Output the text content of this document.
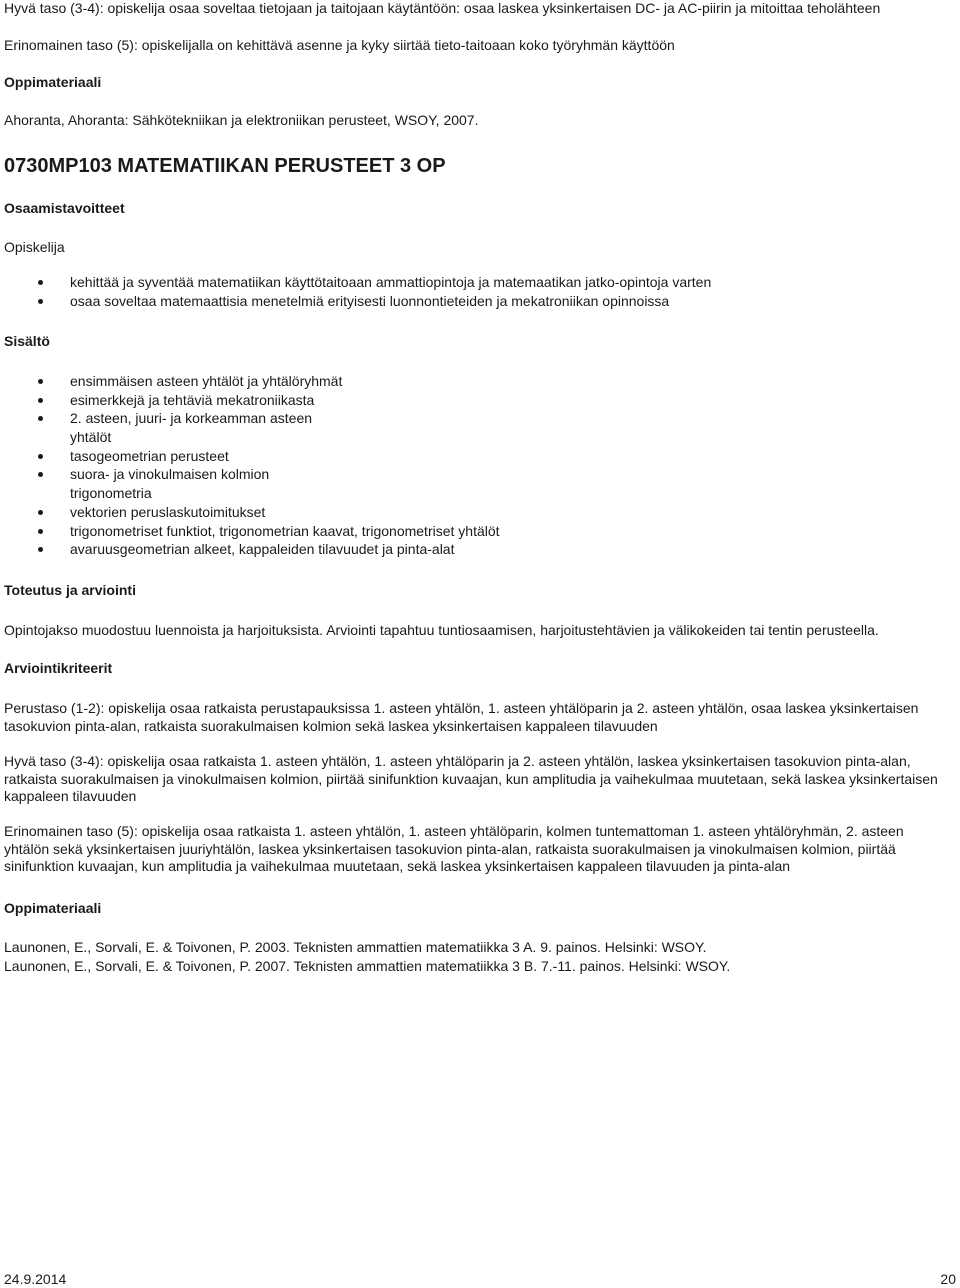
Hyvä taso (3-4): opiskelija osaa soveltaa tietojaan ja taitojaan käytäntöön: osaa laskea yksinkertaisen DC- ja AC-piirin ja mitoittaa teholähteen
Erinomainen taso (5): opiskelijalla on kehittävä asenne ja kyky siirtää tieto-taitoaan koko työryhmän käyttöön
Oppimateriaali
Ahoranta, Ahoranta: Sähkötekniikan ja elektroniikan perusteet, WSOY, 2007.
0730MP103 MATEMATIIKAN PERUSTEET 3 OP
Osaamistavoitteet
Opiskelija
kehittää ja syventää matematiikan käyttötaitoaan ammattiopintoja ja matemaatikan jatko-opintoja varten
osaa soveltaa matemaattisia menetelmiä erityisesti luonnontieteiden ja mekatroniikan opinnoissa
Sisältö
ensimmäisen asteen yhtälöt ja yhtälöryhmät
esimerkkejä ja tehtäviä mekatroniikasta
2. asteen, juuri- ja korkeamman asteen
yhtälöt
tasogeometrian perusteet
suora- ja vinokulmaisen kolmion
trigonometria
vektorien peruslaskutoimitukset
trigonometriset funktiot, trigonometrian kaavat, trigonometriset yhtälöt
avaruusgeometrian alkeet, kappaleiden tilavuudet ja pinta-alat
Toteutus ja arviointi
Opintojakso muodostuu luennoista ja harjoituksista. Arviointi tapahtuu tuntiosaamisen, harjoitustehtävien ja välikokeiden tai tentin perusteella.
Arviointikriteerit

Perustaso (1-2): opiskelija osaa ratkaista perustapauksissa 1. asteen yhtälön, 1. asteen yhtälöparin ja 2. asteen yhtälön, osaa laskea yksinkertaisen tasokuvion pinta-alan, ratkaista suorakulmaisen kolmion sekä laskea yksinkertaisen kappaleen tilavuuden

Hyvä taso (3-4): opiskelija osaa ratkaista 1. asteen yhtälön, 1. asteen yhtälöparin ja 2. asteen yhtälön, laskea yksinkertaisen tasokuvion pinta-alan, ratkaista suorakulmaisen ja vinokulmaisen kolmion, piirtää sinifunktion kuvaajan, kun amplitudia ja vaihekulmaa muutetaan, sekä laskea yksinkertaisen kappaleen tilavuuden

Erinomainen taso (5): opiskelija osaa ratkaista 1. asteen yhtälön, 1. asteen yhtälöparin, kolmen tuntemattoman 1. asteen yhtälöryhmän, 2. asteen yhtälön sekä yksinkertaisen juuriyhtälön, laskea yksinkertaisen tasokuvion pinta-alan, ratkaista suorakulmaisen ja vinokulmaisen kolmion, piirtää sinifunktion kuvaajan, kun amplitudia ja vaihekulmaa muutetaan, sekä laskea yksinkertaisen kappaleen tilavuuden ja pinta-alan

Oppimateriaali
Launonen, E., Sorvali, E. & Toivonen, P. 2003. Teknisten ammattien matematiikka 3 A. 9. painos. Helsinki: WSOY.
Launonen, E., Sorvali, E. & Toivonen, P. 2007. Teknisten ammattien matematiikka 3 B. 7.-11. painos. Helsinki: WSOY.
24.9.2014	20
